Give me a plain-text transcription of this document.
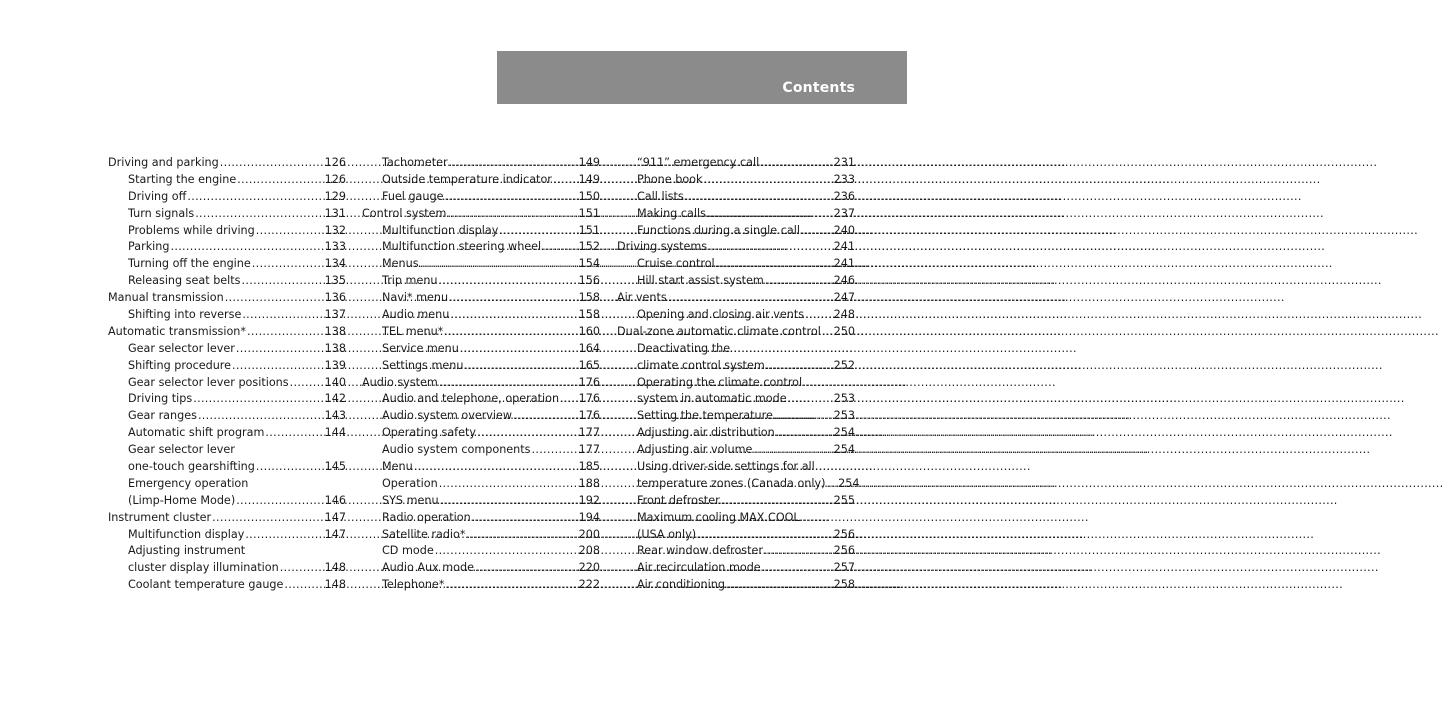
Contents
Driving and parking .....	126
Starting the engine .....	126
Driving off .....	129
Turn signals .....	131
Problems while driving .....	132
Parking .....	133
Turning off the engine .....	134
Releasing seat belts .....	135
Manual transmission .....	136
Shifting into reverse .....	137
Automatic transmission* .....	138
Gear selector lever .....	138
Shifting procedure .....	139
Gear selector lever positions .....	140
Driving tips .....	142
Gear ranges .....	143
Automatic shift program .....	144
Gear selector lever
one-touch gearshifting .....	145
Emergency operation
(Limp-Home Mode) .....	146
Instrument cluster .....	147
Multifunction display .....	147
Adjusting instrument
cluster display illumination .....	148
Coolant temperature gauge .....	148
Tachometer .....	149
Outside temperature indicator .....	149
Fuel gauge .....	150
Control system .....	151
Multifunction display .....	151
Multifunction steering wheel .....	152
Menus .....	154
Trip menu .....	156
Navi* menu .....	158
Audio menu .....	158
TEL menu* .....	160
Service menu .....	164
Settings menu .....	165
Audio system .....	176
Audio and telephone, operation .....	176
Audio system overview .....	176
Operating safety .....	177
Audio system components .....	177
Menu .....	185
Operation .....	188
SYS menu .....	192
Radio operation .....	194
Satellite radio* .....	200
CD mode .....	208
Audio Aux mode .....	220
Telephone* .....	222
“911” emergency call .....	231
Phone book .....	233
Call lists .....	236
Making calls .....	237
Functions during a single call .....	240
Driving systems .....	241
Cruise control .....	241
Hill start assist system .....	246
Air vents .....	247
Opening and closing air vents .....	248
Dual-zone automatic climate control .....	250
Deactivating the
climate control system .....	252
Operating the climate control
system in automatic mode .....	253
Setting the temperature .....	253
Adjusting air distribution .....	254
Adjusting air volume .....	254
Using driver-side settings for all
temperature zones (Canada only) .....	254
Front defroster .....	255
Maximum cooling MAX COOL
(USA only) .....	256
Rear window defroster .....	256
Air recirculation mode .....	257
Air conditioning .....	258
